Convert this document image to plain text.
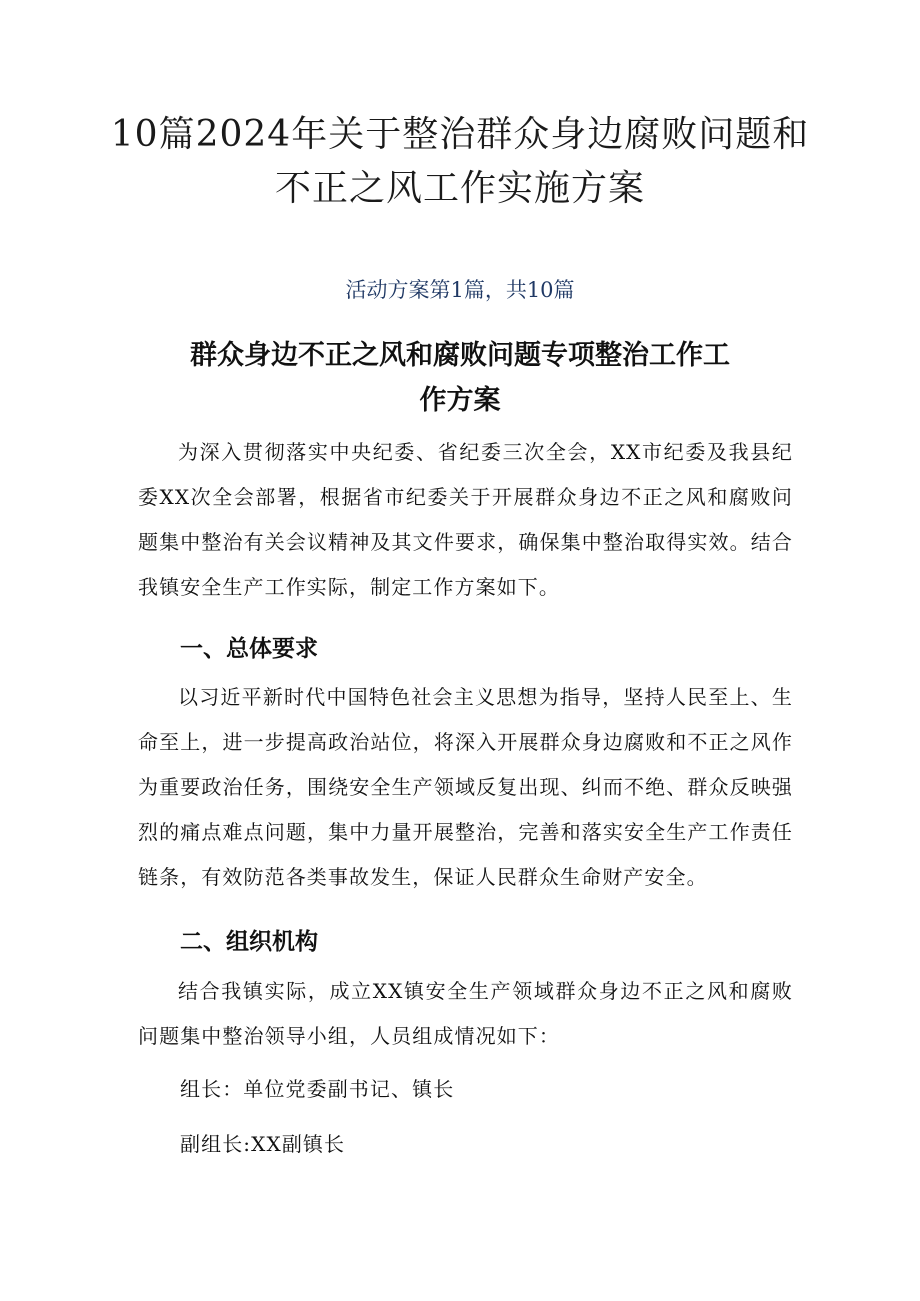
10篇2024年关于整治群众身边腐败问题和
不正之风工作实施方案
活动方案第1篇，共10篇
群众身边不正之风和腐败问题专项整治工作工
作方案
为深入贯彻落实中央纪委、省纪委三次全会，XX市纪委及我县纪委XX次全会部署，根据省市纪委关于开展群众身边不正之风和腐败问题集中整治有关会议精神及其文件要求，确保集中整治取得实效。结合我镇安全生产工作实际，制定工作方案如下。
一、总体要求
以习近平新时代中国特色社会主义思想为指导，坚持人民至上、生命至上，进一步提高政治站位，将深入开展群众身边腐败和不正之风作为重要政治任务，围绕安全生产领域反复出现、纠而不绝、群众反映强烈的痛点难点问题，集中力量开展整治，完善和落实安全生产工作责任链条，有效防范各类事故发生，保证人民群众生命财产安全。
二、组织机构
结合我镇实际，成立XX镇安全生产领域群众身边不正之风和腐败问题集中整治领导小组，人员组成情况如下：
组长：单位党委副书记、镇长
副组长:XX副镇长
